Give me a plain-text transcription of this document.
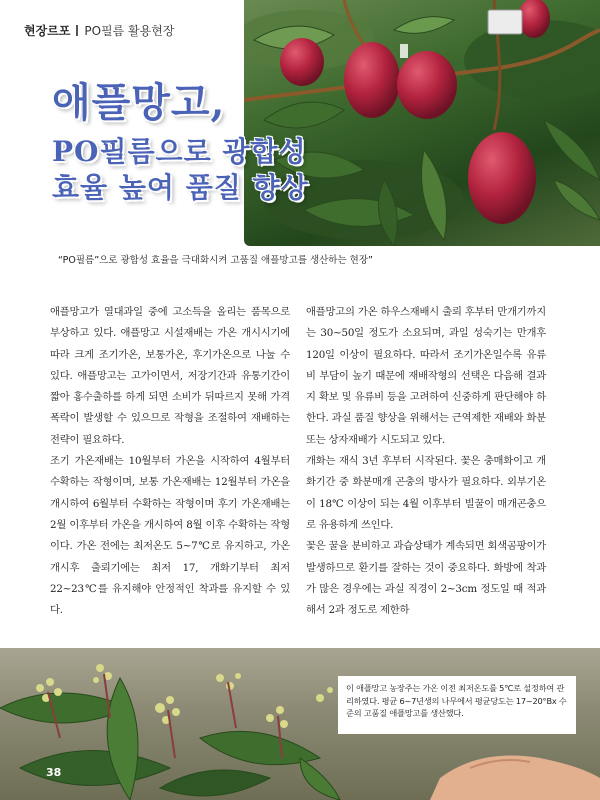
현장르포 PO필름 활용현장
애플망고,
PO필름으로 광합성
효율 높여 품질 향상
“PO필름”으로 광합성 효율을 극대화시켜 고품질 애플망고를 생산하는 현장”

애플망고가 열대과일 중에 고소득을 올리는 품목으로 부상하고 있다. 애플망고 시설재배는 가온 개시시기에 따라 크게 조기가온, 보통가온, 후기가온으로 나눌 수 있다. 애플망고는 고가이면서, 저장기간과 유통기간이 짧아 홍수출하를 하게 되면 소비가 뒤따르지 못해 가격폭락이 발생할 수 있으므로 작형을 조절하여 재배하는 전략이 필요하다.

조기 가온재배는 10월부터 가온을 시작하여 4월부터 수확하는 작형이며, 보통 가온재배는 12월부터 가온을 개시하여 6월부터 수확하는 작형이며 후기 가온재배는 2월 이후부터 가온을 개시하여 8월 이후 수확하는 작형이다. 가온 전에는 최저온도 5~7℃로 유지하고, 가온 개시후 출뢰기에는 최저 17, 개화기부터 최저 22~23℃를 유지해야 안정적인 착과를 유지할 수 있다.

애플망고의 가온 하우스재배시 출뢰 후부터 만개기까지는 30~50일 정도가 소요되며, 과일 성숙기는 만개후 120일 이상이 필요하다. 따라서 조기가온일수록 유류비 부담이 높기 때문에 재배작형의 선택은 다음해 결과지 확보 및 유류비 등을 고려하여 신중하게 판단해야 하한다. 과실 품질 향상을 위해서는 근역제한 재배와 화분 또는 상자재배가 시도되고 있다.

개화는 재식 3년 후부터 시작된다. 꽃은 충매화이고 개화기간 중 화분매개 곤충의 방사가 필요하다. 외부기온이 18℃ 이상이 되는 4월 이후부터 빌꿀이 매개곤충으로 유용하게 쓰인다.

꽃은 꿀을 분비하고 과습상태가 계속되면 회색곰팡이가 발생하므로 환기를 잘하는 것이 중요하다. 화방에 착과가 많은 경우에는 과실 직경이 2~3cm 정도일 때 적과해서 2과 정도로 제한하

이 애플망고 농장주는 가온 이전 최저온도를 5℃로 설정하여 관리하였다. 평균 6~7년생의 나무에서 평균당도는 17~20°Bx 수준의 고품질 애플망고를 생산했다.
38
